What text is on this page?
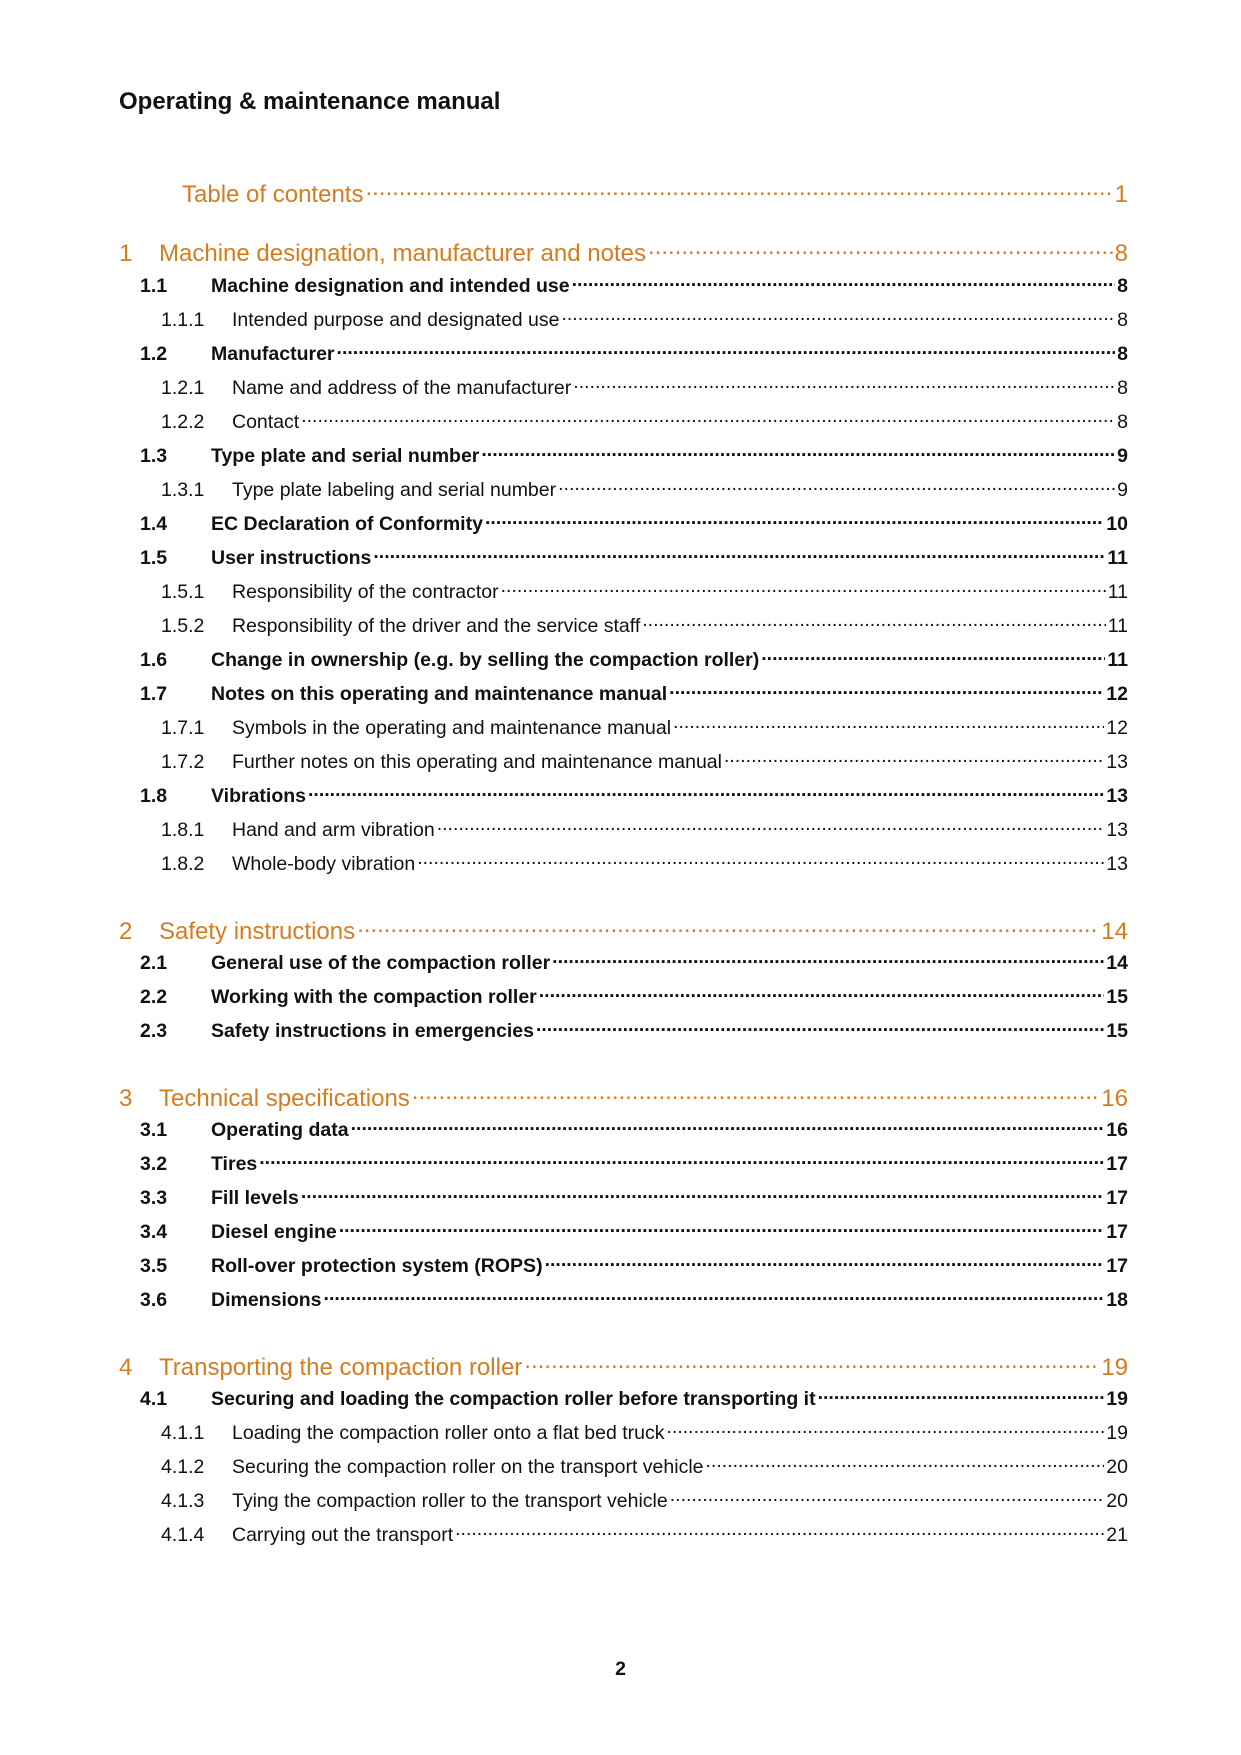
Operating & maintenance manual
Table of contents .....	1
1	Machine designation, manufacturer and notes .....	8
1.1	Machine designation and intended use .....	8
1.1.1	Intended purpose and designated use .....	8
1.2	Manufacturer .....	8
1.2.1	Name and address of the manufacturer .....	8
1.2.2	Contact .....	8
1.3	Type plate and serial number .....	9
1.3.1	Type plate labeling and serial number .....	9
1.4	EC Declaration of Conformity .....	10
1.5	User instructions .....	11
1.5.1	Responsibility of the contractor .....	11
1.5.2	Responsibility of the driver and the service staff .....	11
1.6	Change in ownership (e.g. by selling the compaction roller) .....	11
1.7	Notes on this operating and maintenance manual .....	12
1.7.1	Symbols in the operating and maintenance manual .....	12
1.7.2	Further notes on this operating and maintenance manual .....	13
1.8	Vibrations .....	13
1.8.1	Hand and arm vibration .....	13
1.8.2	Whole-body vibration .....	13
2	Safety instructions .....	14
2.1	General use of the compaction roller .....	14
2.2	Working with the compaction roller .....	15
2.3	Safety instructions in emergencies .....	15
3	Technical specifications .....	16
3.1	Operating data .....	16
3.2	Tires .....	17
3.3	Fill levels .....	17
3.4	Diesel engine .....	17
3.5	Roll-over protection system (ROPS) .....	17
3.6	Dimensions .....	18
4	Transporting the compaction roller .....	19
4.1	Securing and loading the compaction roller before transporting it .....	19
4.1.1	Loading the compaction roller onto a flat bed truck .....	19
4.1.2	Securing the compaction roller on the transport vehicle .....	20
4.1.3	Tying the compaction roller to the transport vehicle .....	20
4.1.4	Carrying out the transport .....	21
2
